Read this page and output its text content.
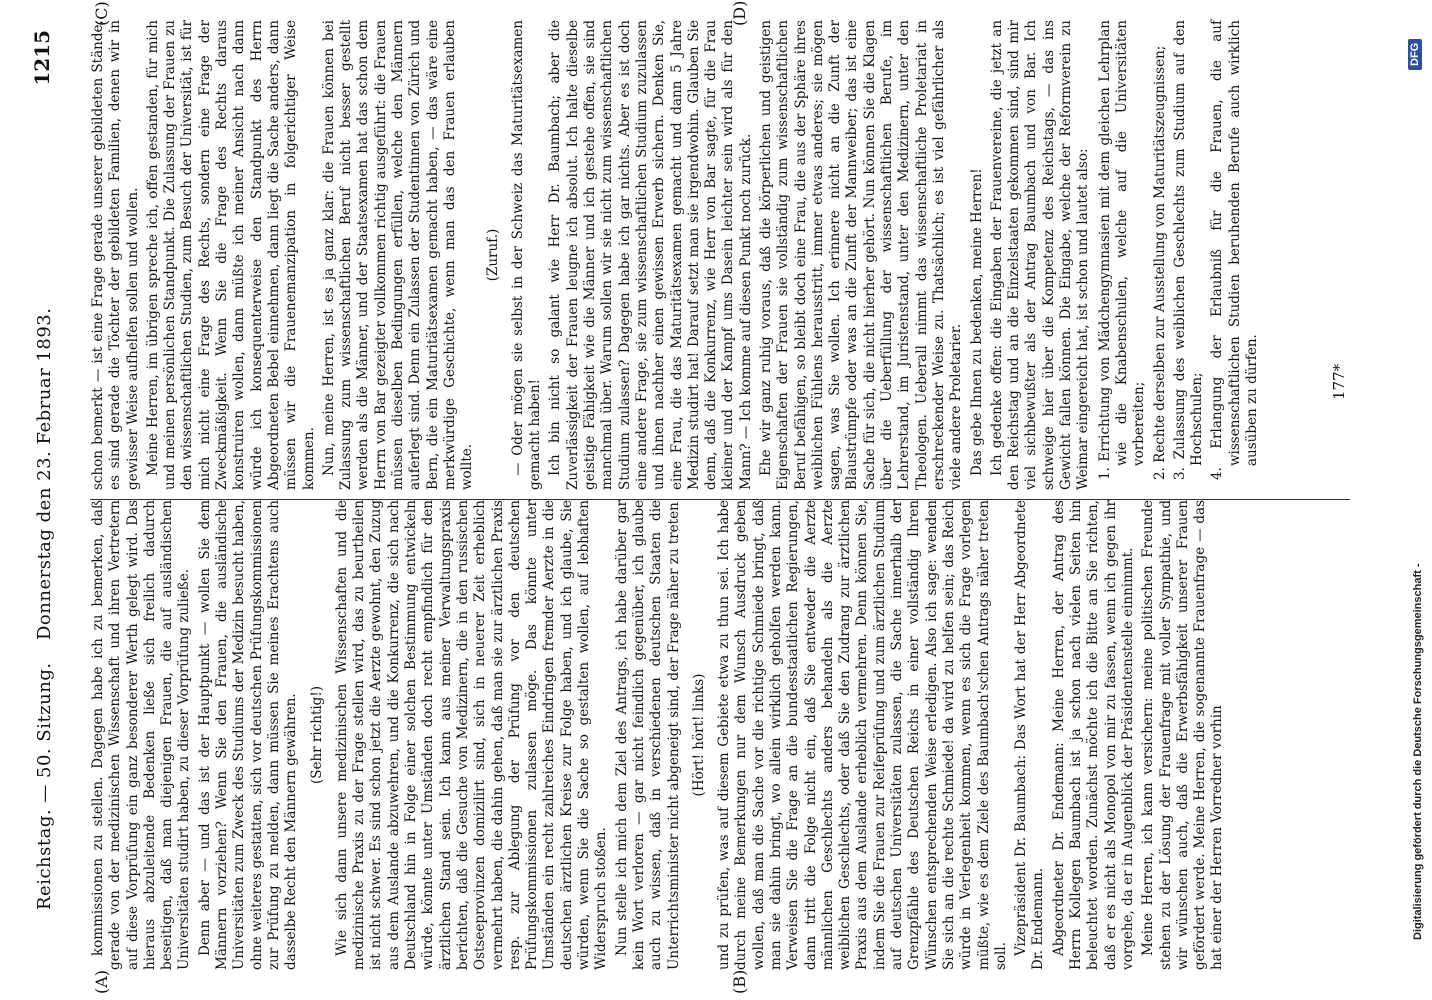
Reichstag. — 50. Sitzung.
Donnerstag den 23. Februar 1893.
1215
(A)	(B)
(C)	(D)

kommissionen zu stellen. Dagegen habe ich zu bemerken, daß gerade von der medizinischen Wissenschaft und ihren Vertretern auf diese Vorprüfung ein ganz besonderer Werth gelegt wird. Das hieraus abzuleitende Bedenken ließe sich freilich dadurch beseitigen, daß man diejenigen Frauen, die auf ausländischen Universitäten studirt haben, zu dieser Vorprüfung zuließe. Denn aber — und das ist der Hauptpunkt — wollen Sie dem Männern vorziehen? Wenn Sie den Frauen, die ausländische Universitäten zum Zweck des Studiums der Medizin besucht haben, ohne weiteres gestatten, sich vor deutschen Prüfungskommissionen zur Prüfung zu melden, dann müssen Sie meines Erachtens auch dasselbe Recht den Männern gewähren. (Sehr richtig!) Wie sich dann unsere medizinischen Wissenschaften und die medizinische Praxis zu der Frage stellen wird, das zu beurtheilen ist nicht schwer. Es sind schon jetzt die Aerzte gewohnt, den Zuzug aus dem Auslande abzuwehren, und die Konkurrenz, die sich nach Deutschland hin in Folge einer solchen Bestimmung entwickeln würde, könnte unter Umständen doch recht empfindlich für den ärztlichen Stand sein. Ich kann aus meiner Verwaltungspraxis berichten, daß die Gesuche von Medizinern, die in den russischen Ostseeprovinzen domizilirt sind, sich in neuerer Zeit erheblich vermehrt haben, die dahin gehen, daß man sie zur ärztlichen Praxis resp. zur Ablegung der Prüfung vor den deutschen Prüfungskommissionen zulassen möge. Das könnte unter Umständen ein recht zahlreiches Eindringen fremder Aerzte in die deutschen ärztlichen Kreise zur Folge haben, und ich glaube, Sie würden, wenn Sie die Sache so gestalten wollen, auf lebhaften Widerspruch stoßen. Nun stelle ich mich dem Ziel des Antrags, ich habe darüber gar kein Wort verloren — gar nicht feindlich gegenüber, ich glaube auch zu wissen, daß in verschiedenen deutschen Staaten die Unterrichtsminister nicht abgeneigt sind, der Frage näher zu treten (Hört! hört! links) und zu prüfen, was auf diesem Gebiete etwa zu thun sei. Ich habe durch meine Bemerkungen nur dem Wunsch Ausdruck geben wollen, daß man die Sache vor die richtige Schmiede bringt, daß man sie dahin bringt, wo allein wirklich geholfen werden kann. Verweisen Sie die Frage an die bundesstaatlichen Regierungen, dann tritt die Folge nicht ein, daß Sie entweder die Aerzte männlichen Geschlechts anders behandeln als die Aerzte weiblichen Geschlechts, oder daß Sie den Zudrang zur ärztlichen Praxis aus dem Auslande erheblich vermehren. Denn können Sie, indem Sie die Frauen zur Reifeprüfung und zum ärztlichen Studium auf deutschen Universitäten zulassen, die Sache innerhalb der Grenzpfähle des Deutschen Reichs in einer vollständig Ihren Wünschen entsprechenden Weise erledigen. Also ich sage: wenden Sie sich an die rechte Schmiede! da wird zu helfen sein; das Reich würde in Verlegenheit kommen, wenn es sich die Frage vorlegen müßte, wie es dem Ziele des Baumbach'schen Antrags näher treten soll.

Vizepräsident Dr. Baumbach: Das Wort hat der Herr Abgeordnete Dr. Endemann. Abgeordneter Dr. Endemann: Meine Herren, der Antrag des Herrn Kollegen Baumbach ist ja schon nach vielen Seiten hin beleuchtet worden. Zunächst möchte ich die Bitte an Sie richten, daß er es nicht als Monopol von mir zu fassen, wenn ich gegen ihr vorgehe, da er in Augenblick der Präsidentenstelle einnimmt. Meine Herren, ich kann versichern: meine politischen Freunde stehen zu der Lösung der Frauenfrage mit voller Sympathie, und wir wünschen auch, daß die Erwerbsfähigkeit unserer Frauen gefördert werde. Meine Herren, die sogenannte Frauenfrage — das hat einer der Herren Vorredner vorhin

schon bemerkt — ist eine Frage gerade unserer gebildeten Stände; es sind gerade die Töchter der gebildeten Familien, denen wir in gewisser Weise aufhelfen sollen und wollen. Meine Herren, im übrigen spreche ich, offen gestanden, für mich und meinen persönlichen Standpunkt. Die Zulassung der Frauen zu den wissenschaftlichen Studien, zum Besuch der Universität, ist für mich nicht eine Frage des Rechts, sondern eine Frage der Zweckmäßigkeit. Wenn Sie die Frage des Rechts daraus konstruiren wollen, dann müßte ich meiner Ansicht nach dann würde ich konsequenterweise den Standpunkt des Herrn Abgeordneten Bebel einnehmen, dann liegt die Sache anders, dann müssen wir die Frauenemanzipation in folgerichtiger Weise kommen. Nun, meine Herren, ist es ja ganz klar: die Frauen können bei Zulassung zum wissenschaftlichen Beruf nicht besser gestellt werden als die Männer, und der Staatsexamen hat das schon dem Herrn von Bar gezeigter vollkommen richtig ausgeführt: die Frauen müssen dieselben Bedingungen erfüllen, welche den Männern auferlegt sind. Denn ein Zulassen der Studentinnen von Zürich und Bern, die ein Maturitätsexamen gemacht haben, — das wäre eine merkwürdige Geschichte, wenn man das den Frauen erlauben wollte.

(Zuruf.) — Oder mögen sie selbst in der Schweiz das Maturitätsexamen gemacht haben! Ich bin nicht so galant wie Herr Dr. Baumbach; aber die Zuverlässigkeit der Frauen leugne ich absolut. Ich halte dieselbe geistige Fähigkeit wie die Männer und ich gestehe offen, sie sind manchmal über. Warum sollen wir sie nicht zum wissenschaftlichen Studium zulassen? Dagegen habe ich gar nichts. Aber es ist doch eine andere Frage, sie zum wissenschaftlichen Studium zuzulassen und ihnen nachher einen gewissen Erwerb sichern. Denken Sie, eine Frau, die das Maturitätsexamen gemacht und dann 5 Jahre Medizin studirt hat! Darauf setzt man sie irgendwohin. Glauben Sie denn, daß die Konkurrenz, wie Herr von Bar sagte, für die Frau kleiner und der Kampf ums Dasein leichter sein wird als für den Mann? — Ich komme auf diesen Punkt noch zurück. Ehe wir ganz ruhig voraus, daß die körperlichen und geistigen Eigenschaften der Frauen sie vollständig zum wissenschaftlichen Beruf befähigen, so bleibt doch eine Frau, die aus der Sphäre ihres weiblichen Fühlens herausstritt, immer etwas anderes; sie mögen sagen, was Sie wollen. Ich erinnere nicht an die Zunft der Blaustrümpfe oder was an die Zunft der Mannweiber; das ist eine Sache für sich, die nicht hierher gehört. Nun können Sie die Klagen über die Ueberfüllung der wissenschaftlichen Berufe, im Lehrerstand, im Juristenstand, unter den Medizinern, unter den Theologen. Ueberall nimmt das wissenschaftliche Proletariat in erschreckender Weise zu. Thatsächlich; es ist viel gefährlicher als viele andere Proletarier. Das gebe Ihnen zu bedenken, meine Herren! Ich gedenke offen: die Eingaben der Frauenvereine, die jetzt an den Reichstag und an die Einzelstaaten gekommen sind, sind mir viel sichbewußter als der Antrag Baumbach und von Bar. Ich schweige hier über die Kompetenz des Reichstags, — das ins Gewicht fallen können. Die Eingabe, welche der Reformverein zu Weimar eingereicht hat, ist schon und lautet also: 1. Errichtung von Mädchengymnasien mit dem gleichen Lehrplan wie die Knabenschulen, welche auf die Universitäten vorbereiten; 2. Rechte derselben zur Ausstellung von Maturitätszeugnissen; 3. Zulassung des weiblichen Geschlechts zum Studium auf den Hochschulen; 4. Erlangung der Erlaubniß für die Frauen, die auf wissenschaftlichen Studien beruhenden Berufe auch wirklich ausüben zu dürfen.	177*
Digitalisierung gefördert durch die Deutsche Forschungsgemeinschaft -
DFG
